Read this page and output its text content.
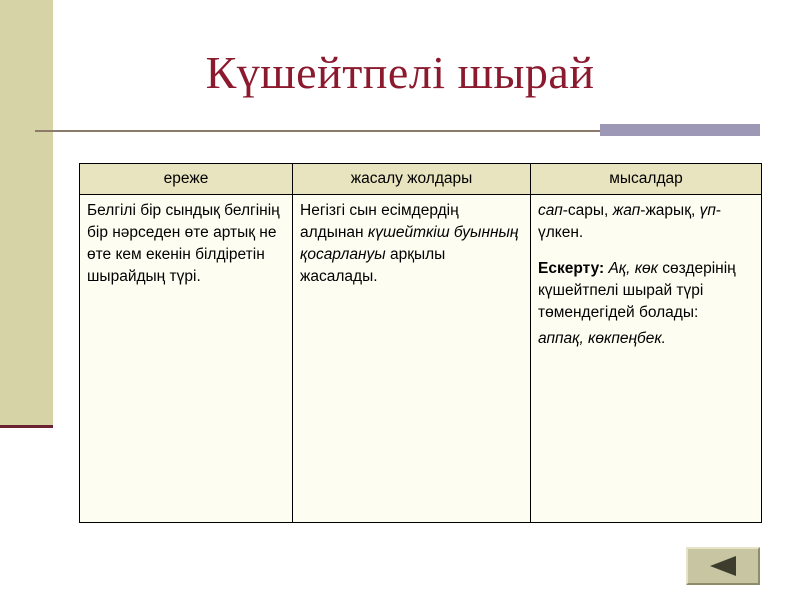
Күшейтпелі шырай
ереже	жасалу жолдары	мысалдар
Белгілі бір сындық белгінің бір нәрседен өте артық не өте кем екенін білдіретін шырайдың түрі.	Негізгі сын есімдердің алдынан күшейткіш буынның қосарлануы арқылы жасалады.	сап-сары, жап-жарық, үп-үлкен.
Ескерту: Ақ, көк сөздерінің күшейтпелі шырай түрі төмендегідей болады:
аппақ, көкпеңбек.
